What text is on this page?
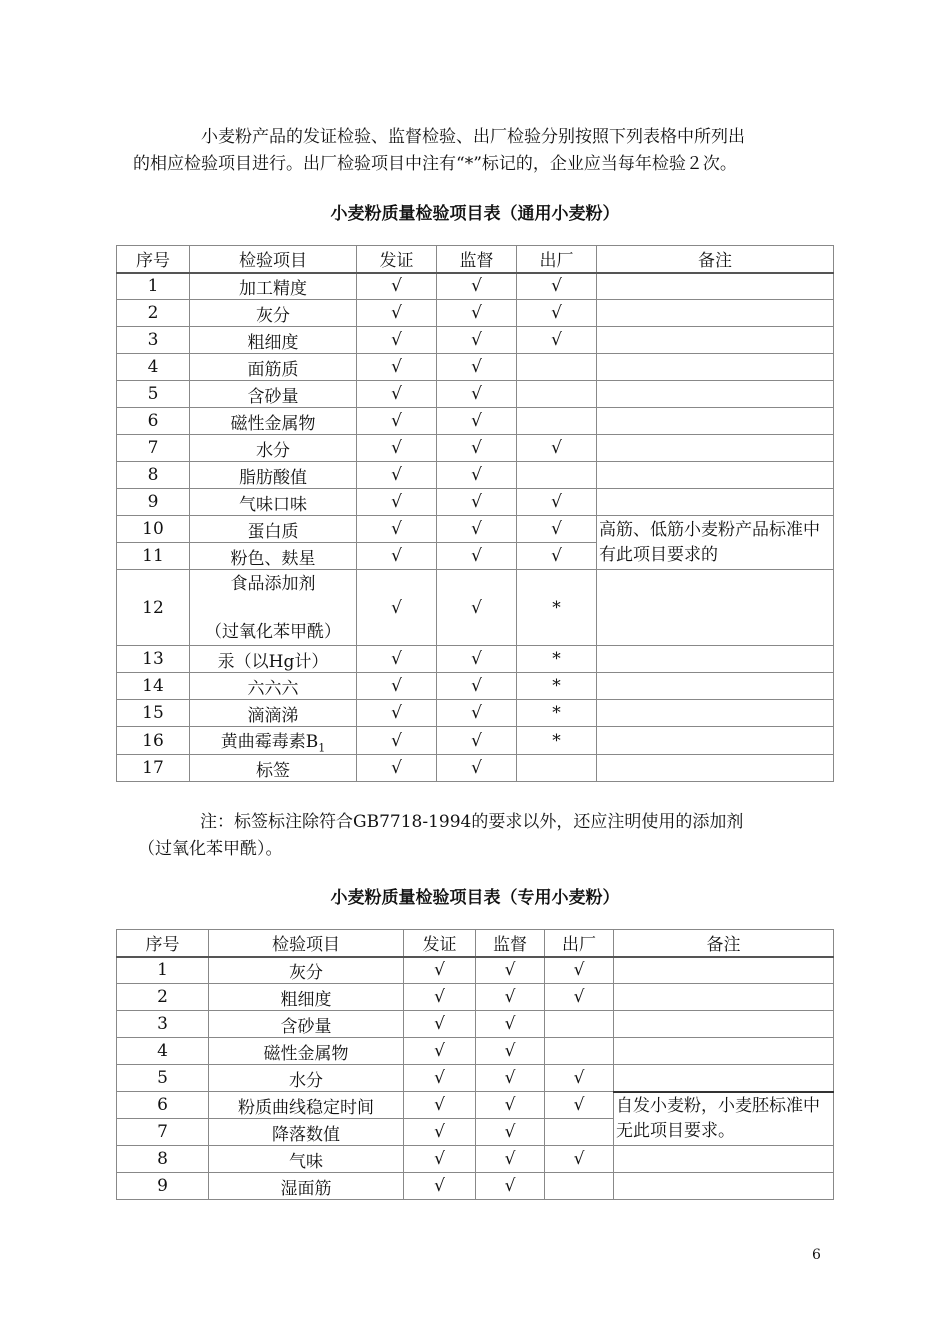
小麦粉产品的发证检验、监督检验、出厂检验分别按照下列表格中所列出
的相应检验项目进行。出厂检验项目中注有“*”标记的，企业应当每年检验２次。

小麦粉质量检验项目表（通用小麦粉）
序号	检验项目	发证	监督	出厂	备注
1	加工精度	√	√	√	
2	灰分	√	√	√	
3	粗细度	√	√	√	
4	面筋质	√	√		
5	含砂量	√	√		
6	磁性金属物	√	√		
7	水分	√	√	√	
8	脂肪酸值	√	√		
9	气味口味	√	√	√	
10	蛋白质	√	√	√	高筋、低筋小麦粉产品标准中有此项目要求的
11	粉色、麸星	√	√	√	
12	食品添加剂
（过氧化苯甲酰）	√	√	*	
13	汞（以Hg计）	√	√	*	
14	六六六	√	√	*	
15	滴滴涕	√	√	*	
16	黄曲霉毒素$B_1$	√	√	*	
17	标签	√	√		

注：标签标注除符合GB7718-1994的要求以外，还应注明使用的添加剂
（过氧化苯甲酰）。

小麦粉质量检验项目表（专用小麦粉）
序号	检验项目	发证	监督	出厂	备注
1	灰分	√	√	√	
2	粗细度	√	√	√	
3	含砂量	√	√		
4	磁性金属物	√	√		
5	水分	√	√	√	
6	粉质曲线稳定时间	√	√	√	自发小麦粉，小麦胚标准中无此项目要求。
7	降落数值	√	√		
8	气味	√	√	√	
9	湿面筋	√	√		
6
